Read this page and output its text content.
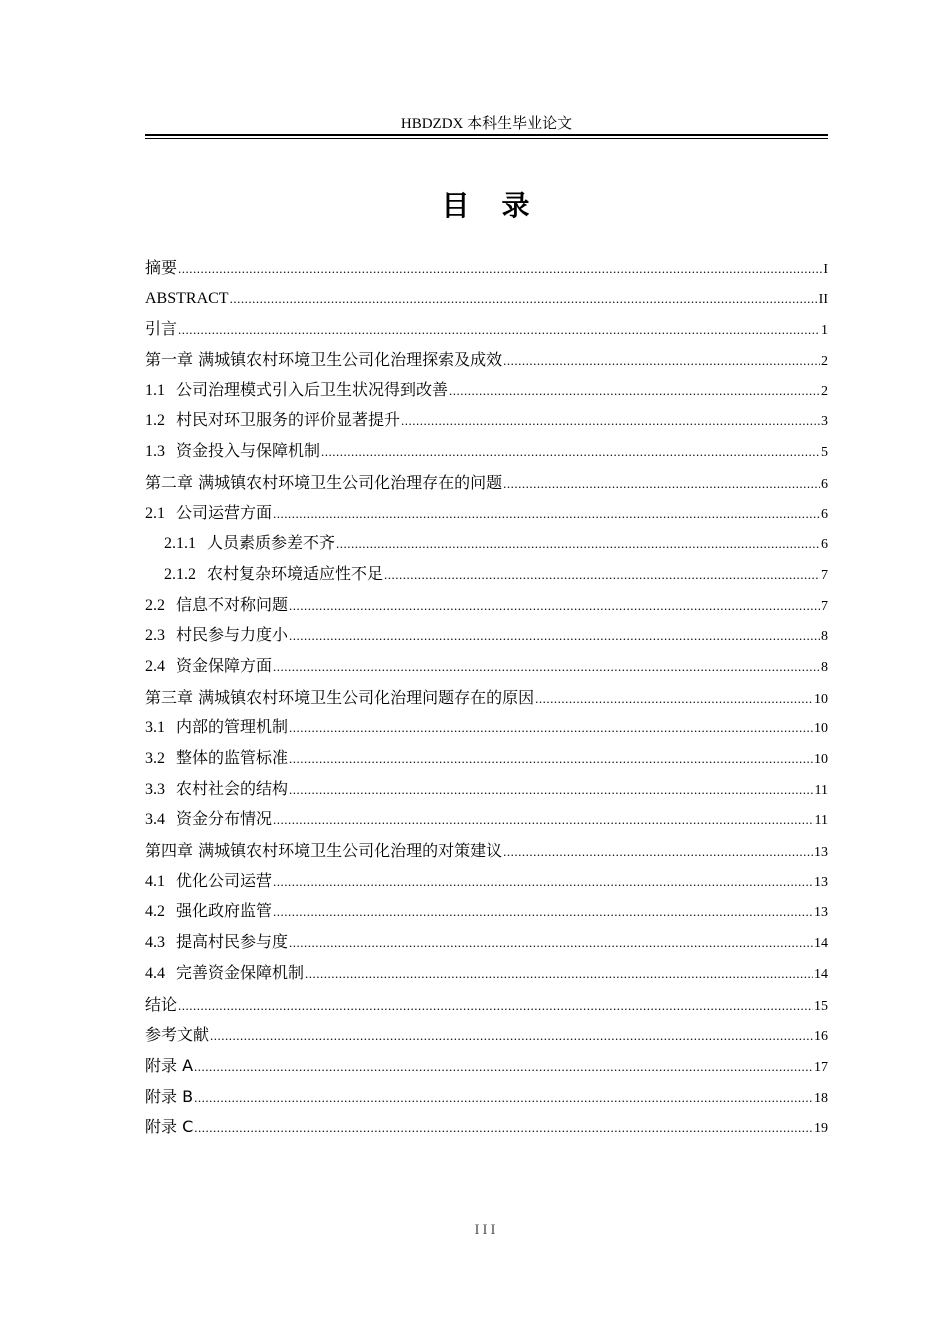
HBDZDX 本科生毕业论文
目　录
摘要 .....	I
ABSTRACT .....	II
引言 .....	1
第一章 满城镇农村环境卫生公司化治理探索及成效 .....	2
1.1 公司治理模式引入后卫生状况得到改善 .....	2
1.2 村民对环卫服务的评价显著提升 .....	3
1.3 资金投入与保障机制 .....	5
第二章 满城镇农村环境卫生公司化治理存在的问题 .....	6
2.1 公司运营方面 .....	6
2.1.1 人员素质参差不齐 .....	6
2.1.2 农村复杂环境适应性不足 .....	7
2.2 信息不对称问题 .....	7
2.3 村民参与力度小 .....	8
2.4 资金保障方面 .....	8
第三章 满城镇农村环境卫生公司化治理问题存在的原因 .....	10
3.1 内部的管理机制 .....	10
3.2 整体的监管标准 .....	10
3.3 农村社会的结构 .....	11
3.4 资金分布情况 .....	11
第四章 满城镇农村环境卫生公司化治理的对策建议 .....	13
4.1 优化公司运营 .....	13
4.2 强化政府监管 .....	13
4.3 提高村民参与度 .....	14
4.4 完善资金保障机制 .....	14
结论 .....	15
参考文献 .....	16
附录 A .....	17
附录 B .....	18
附录 C .....	19
III
